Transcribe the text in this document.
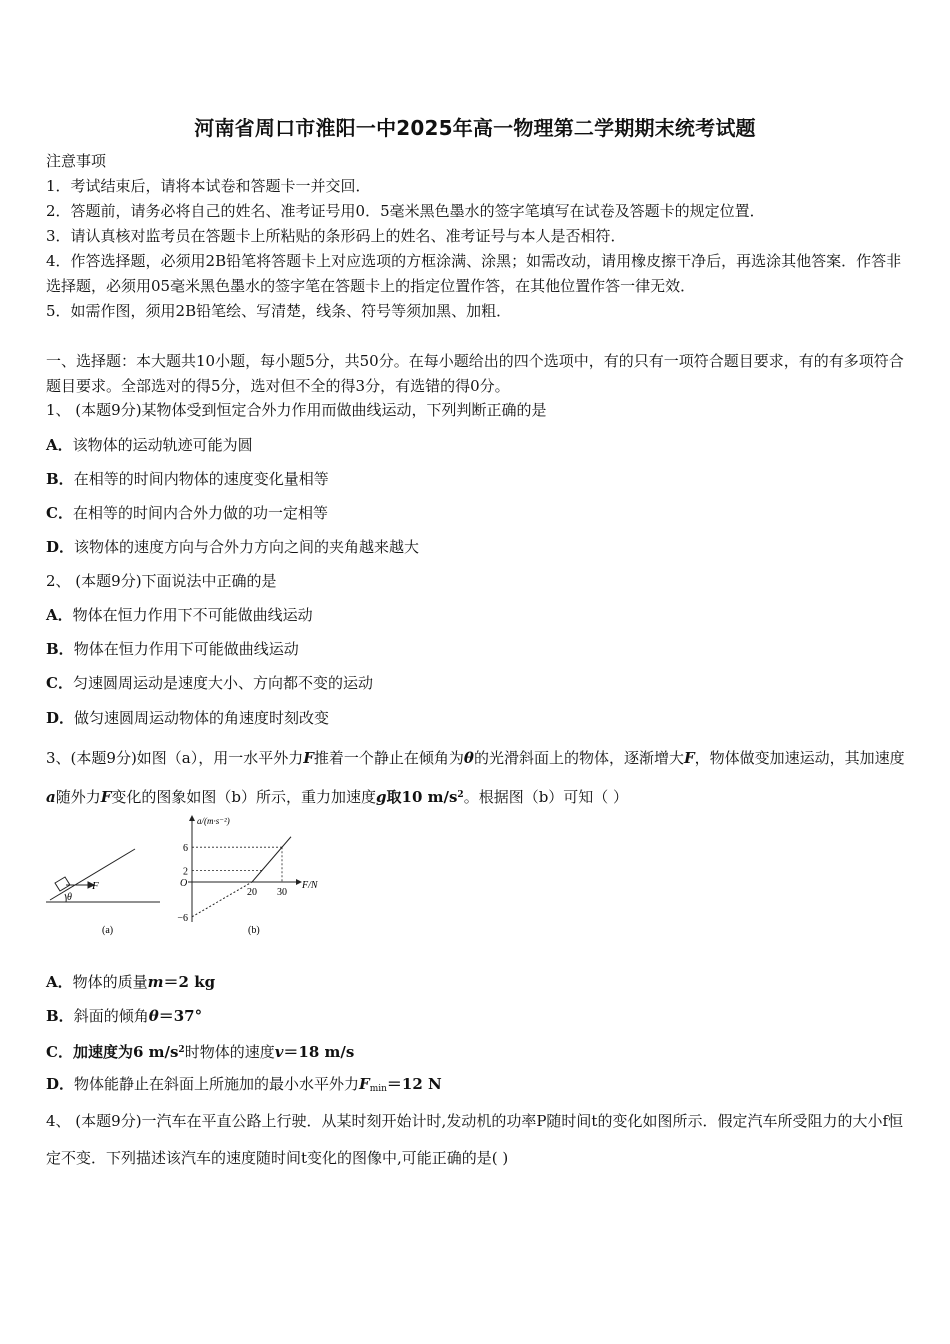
河南省周口市淮阳一中2025年高一物理第二学期期末统考试题
注意事项
1．考试结束后，请将本试卷和答题卡一并交回．
2．答题前，请务必将自己的姓名、准考证号用0．5毫米黑色墨水的签字笔填写在试卷及答题卡的规定位置．
3．请认真核对监考员在答题卡上所粘贴的条形码上的姓名、准考证号与本人是否相符．
4．作答选择题，必须用2B铅笔将答题卡上对应选项的方框涂满、涂黑；如需改动，请用橡皮擦干净后，再选涂其他答案．作答非选择题，必须用05毫米黑色墨水的签字笔在答题卡上的指定位置作答，在其他位置作答一律无效．
5．如需作图，须用2B铅笔绘、写清楚，线条、符号等须加黑、加粗．
一、选择题：本大题共10小题，每小题5分，共50分。在每小题给出的四个选项中，有的只有一项符合题目要求，有的有多项符合题目要求。全部选对的得5分，选对但不全的得3分，有选错的得0分。
1、 (本题9分)某物体受到恒定合外力作用而做曲线运动，下列判断正确的是
A．该物体的运动轨迹可能为圆
B．在相等的时间内物体的速度变化量相等
C．在相等的时间内合外力做的功一定相等
D．该物体的速度方向与合外力方向之间的夹角越来越大
2、 (本题9分)下面说法中正确的是
A．物体在恒力作用下不可能做曲线运动
B．物体在恒力作用下可能做曲线运动
C．匀速圆周运动是速度大小、方向都不变的运动
D．做匀速圆周运动物体的角速度时刻改变
3、(本题9分)如图（a），用一水平外力F推着一个静止在倾角为θ的光滑斜面上的物体，逐渐增大F，物体做变加速运动，其加速度a随外力F变化的图象如图（b）所示，重力加速度g取10 $m/s^2$。根据图（b）可知（ ）
F
θ
(a)
a/(m·s⁻²)
F/N
O
−6
2
6
20 30
(b)
A．物体的质量m＝2 kg
B．斜面的倾角θ＝37°
C．加速度为6 $m/s^2$时物体的速度v＝18 m/s
D．物体能静止在斜面上所施加的最小水平外力$F_{min}=12$ N
4、 (本题9分)一汽车在平直公路上行驶．从某时刻开始计时,发动机的功率P随时间t的变化如图所示．假定汽车所受阻力的大小f恒定不变．下列描述该汽车的速度随时间t变化的图像中,可能正确的是( )
